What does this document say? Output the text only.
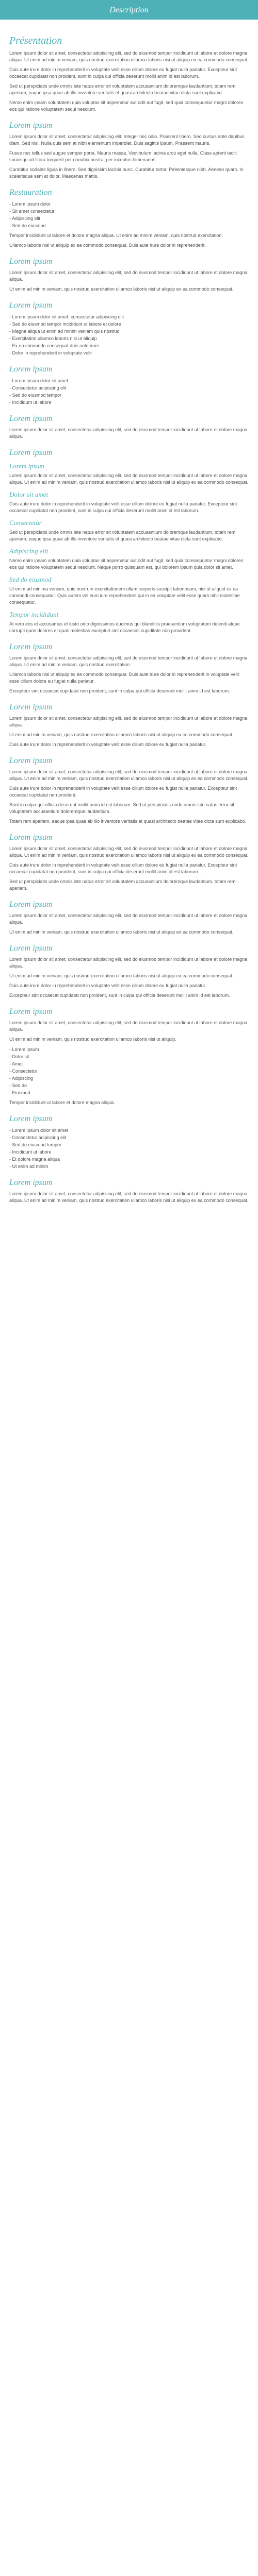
Description
Présentation

Lorem ipsum dolor sit amet, consectetur adipiscing elit, sed do eiusmod tempor incididunt ut labore et dolore magna aliqua. Ut enim ad minim veniam, quis nostrud exercitation ullamco laboris nisi ut aliquip ex ea commodo consequat.

Duis aute irure dolor in reprehenderit in voluptate velit esse cillum dolore eu fugiat nulla pariatur. Excepteur sint occaecat cupidatat non proident, sunt in culpa qui officia deserunt mollit anim id est laborum.

Sed ut perspiciatis unde omnis iste natus error sit voluptatem accusantium doloremque laudantium, totam rem aperiam, eaque ipsa quae ab illo inventore veritatis et quasi architecto beatae vitae dicta sunt explicabo.

Nemo enim ipsam voluptatem quia voluptas sit aspernatur aut odit aut fugit, sed quia consequuntur magni dolores eos qui ratione voluptatem sequi nesciunt.

Lorem ipsum

Lorem ipsum dolor sit amet, consectetur adipiscing elit. Integer nec odio. Praesent libero. Sed cursus ante dapibus diam. Sed nisi. Nulla quis sem at nibh elementum imperdiet. Duis sagittis ipsum. Praesent mauris.

Fusce nec tellus sed augue semper porta. Mauris massa. Vestibulum lacinia arcu eget nulla. Class aptent taciti sociosqu ad litora torquent per conubia nostra, per inceptos himenaeos.

Curabitur sodales ligula in libero. Sed dignissim lacinia nunc. Curabitur tortor. Pellentesque nibh. Aenean quam. In scelerisque sem at dolor. Maecenas mattis.

Restauration
- Lorem ipsum dolor
- Sit amet consectetur
- Adipiscing elit
- Sed do eiusmod

Tempor incididunt ut labore et dolore magna aliqua. Ut enim ad minim veniam, quis nostrud exercitation.

Ullamco laboris nisi ut aliquip ex ea commodo consequat. Duis aute irure dolor in reprehenderit.

Lorem ipsum

Lorem ipsum dolor sit amet, consectetur adipiscing elit, sed do eiusmod tempor incididunt ut labore et dolore magna aliqua.

Ut enim ad minim veniam, quis nostrud exercitation ullamco laboris nisi ut aliquip ex ea commodo consequat.

Lorem ipsum
- Lorem ipsum dolor sit amet, consectetur adipiscing elit
- Sed do eiusmod tempor incididunt ut labore et dolore
- Magna aliqua ut enim ad minim veniam quis nostrud
- Exercitation ullamco laboris nisi ut aliquip
- Ex ea commodo consequat duis aute irure
- Dolor in reprehenderit in voluptate velit
Lorem ipsum
- Lorem ipsum dolor sit amet
- Consectetur adipiscing elit
- Sed do eiusmod tempor
- Incididunt ut labore
Lorem ipsum

Lorem ipsum dolor sit amet, consectetur adipiscing elit, sed do eiusmod tempor incididunt ut labore et dolore magna aliqua.

Lorem ipsum
Lorem ipsum

Lorem ipsum dolor sit amet, consectetur adipiscing elit, sed do eiusmod tempor incididunt ut labore et dolore magna aliqua. Ut enim ad minim veniam, quis nostrud exercitation ullamco laboris nisi ut aliquip ex ea commodo consequat.

Dolor sit amet

Duis aute irure dolor in reprehenderit in voluptate velit esse cillum dolore eu fugiat nulla pariatur. Excepteur sint occaecat cupidatat non proident, sunt in culpa qui officia deserunt mollit anim id est laborum.

Consectetur

Sed ut perspiciatis unde omnis iste natus error sit voluptatem accusantium doloremque laudantium, totam rem aperiam, eaque ipsa quae ab illo inventore veritatis et quasi architecto beatae vitae dicta sunt explicabo.

Adipiscing elit

Nemo enim ipsam voluptatem quia voluptas sit aspernatur aut odit aut fugit, sed quia consequuntur magni dolores eos qui ratione voluptatem sequi nesciunt. Neque porro quisquam est, qui dolorem ipsum quia dolor sit amet.

Sed do eiusmod

Ut enim ad minima veniam, quis nostrum exercitationem ullam corporis suscipit laboriosam, nisi ut aliquid ex ea commodi consequatur. Quis autem vel eum iure reprehenderit qui in ea voluptate velit esse quam nihil molestiae consequatur.

Tempor incididunt

At vero eos et accusamus et iusto odio dignissimos ducimus qui blanditiis praesentium voluptatum deleniti atque corrupti quos dolores et quas molestias excepturi sint occaecati cupiditate non provident.

Lorem ipsum

Lorem ipsum dolor sit amet, consectetur adipiscing elit, sed do eiusmod tempor incididunt ut labore et dolore magna aliqua. Ut enim ad minim veniam, quis nostrud exercitation.

Ullamco laboris nisi ut aliquip ex ea commodo consequat. Duis aute irure dolor in reprehenderit in voluptate velit esse cillum dolore eu fugiat nulla pariatur.

Excepteur sint occaecat cupidatat non proident, sunt in culpa qui officia deserunt mollit anim id est laborum.

Lorem ipsum

Lorem ipsum dolor sit amet, consectetur adipiscing elit, sed do eiusmod tempor incididunt ut labore et dolore magna aliqua.

Ut enim ad minim veniam, quis nostrud exercitation ullamco laboris nisi ut aliquip ex ea commodo consequat.

Duis aute irure dolor in reprehenderit in voluptate velit esse cillum dolore eu fugiat nulla pariatur.

Lorem ipsum

Lorem ipsum dolor sit amet, consectetur adipiscing elit, sed do eiusmod tempor incididunt ut labore et dolore magna aliqua. Ut enim ad minim veniam, quis nostrud exercitation ullamco laboris nisi ut aliquip ex ea commodo consequat.

Duis aute irure dolor in reprehenderit in voluptate velit esse cillum dolore eu fugiat nulla pariatur. Excepteur sint occaecat cupidatat non proident.

Sunt in culpa qui officia deserunt mollit anim id est laborum. Sed ut perspiciatis unde omnis iste natus error sit voluptatem accusantium doloremque laudantium.

Totam rem aperiam, eaque ipsa quae ab illo inventore veritatis et quasi architecto beatae vitae dicta sunt explicabo.

Lorem ipsum

Lorem ipsum dolor sit amet, consectetur adipiscing elit, sed do eiusmod tempor incididunt ut labore et dolore magna aliqua. Ut enim ad minim veniam, quis nostrud exercitation ullamco laboris nisi ut aliquip ex ea commodo consequat.

Duis aute irure dolor in reprehenderit in voluptate velit esse cillum dolore eu fugiat nulla pariatur. Excepteur sint occaecat cupidatat non proident, sunt in culpa qui officia deserunt mollit anim id est laborum.

Sed ut perspiciatis unde omnis iste natus error sit voluptatem accusantium doloremque laudantium, totam rem aperiam.

Lorem ipsum

Lorem ipsum dolor sit amet, consectetur adipiscing elit, sed do eiusmod tempor incididunt ut labore et dolore magna aliqua.

Ut enim ad minim veniam, quis nostrud exercitation ullamco laboris nisi ut aliquip ex ea commodo consequat.

Lorem ipsum

Lorem ipsum dolor sit amet, consectetur adipiscing elit, sed do eiusmod tempor incididunt ut labore et dolore magna aliqua.

Ut enim ad minim veniam, quis nostrud exercitation ullamco laboris nisi ut aliquip ex ea commodo consequat.

Duis aute irure dolor in reprehenderit in voluptate velit esse cillum dolore eu fugiat nulla pariatur.

Excepteur sint occaecat cupidatat non proident, sunt in culpa qui officia deserunt mollit anim id est laborum.

Lorem ipsum

Lorem ipsum dolor sit amet, consectetur adipiscing elit, sed do eiusmod tempor incididunt ut labore et dolore magna aliqua.

Ut enim ad minim veniam, quis nostrud exercitation ullamco laboris nisi ut aliquip.

- Lorem ipsum
- Dolor sit
- Amet
- Consectetur
- Adipiscing
- Sed do
- Eiusmod

Tempor incididunt ut labore et dolore magna aliqua.

Lorem ipsum
- Lorem ipsum dolor sit amet
- Consectetur adipiscing elit
- Sed do eiusmod tempor
- Incididunt ut labore
- Et dolore magna aliqua
- Ut enim ad minim
Lorem ipsum

Lorem ipsum dolor sit amet, consectetur adipiscing elit, sed do eiusmod tempor incididunt ut labore et dolore magna aliqua. Ut enim ad minim veniam, quis nostrud exercitation ullamco laboris nisi ut aliquip ex ea commodo consequat.
